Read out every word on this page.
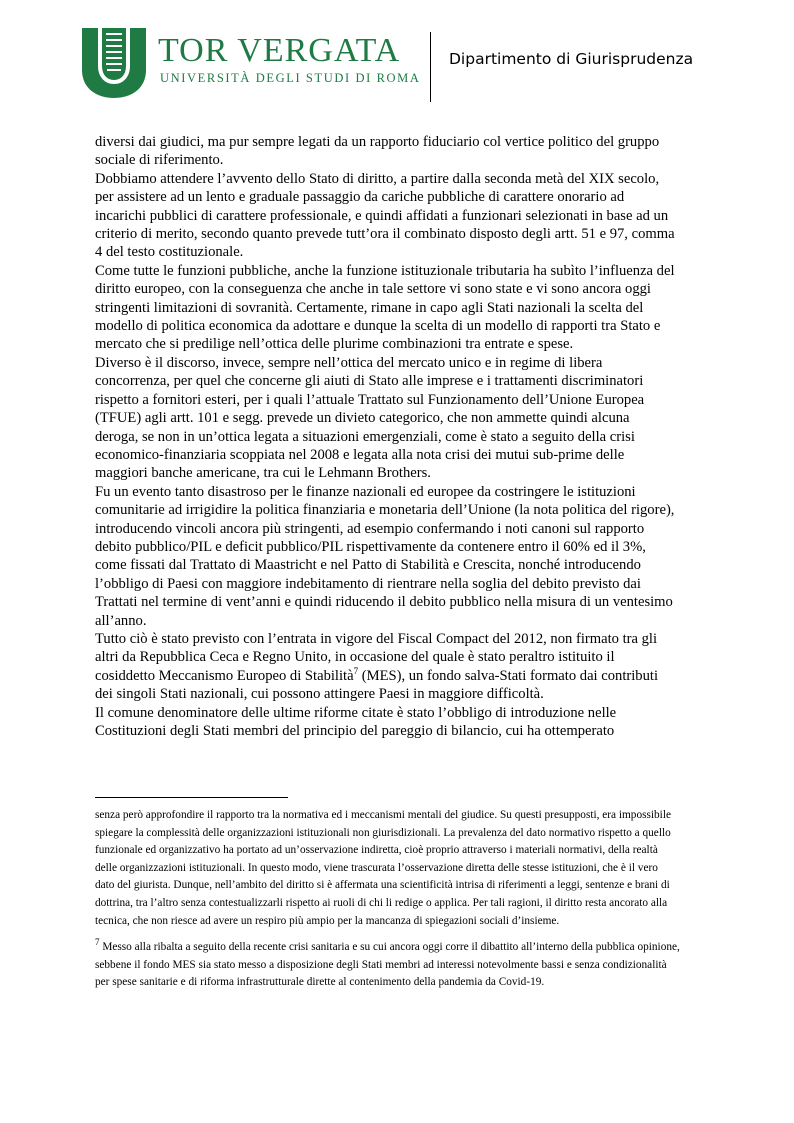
TOR VERGATA
UNIVERSITÀ DEGLI STUDI DI ROMA
Dipartimento di Giurisprudenza

diversi dai giudici, ma pur sempre legati da un rapporto fiduciario col vertice politico del gruppo sociale di riferimento.

Dobbiamo attendere l’avvento dello Stato di diritto, a partire dalla seconda metà del XIX secolo, per assistere ad un lento e graduale passaggio da cariche pubbliche di carattere onorario ad incarichi pubblici di carattere professionale, e quindi affidati a funzionari selezionati in base ad un criterio di merito, secondo quanto prevede tutt’ora il combinato disposto degli artt. 51 e 97, comma 4 del testo costituzionale.

Come tutte le funzioni pubbliche, anche la funzione istituzionale tributaria ha subìto l’influenza del diritto europeo, con la conseguenza che anche in tale settore vi sono state e vi sono ancora oggi stringenti limitazioni di sovranità. Certamente, rimane in capo agli Stati nazionali la scelta del modello di politica economica da adottare e dunque la scelta di un modello di rapporti tra Stato e mercato che si predilige nell’ottica delle plurime combinazioni tra entrate e spese.

Diverso è il discorso, invece, sempre nell’ottica del mercato unico e in regime di libera concorrenza, per quel che concerne gli aiuti di Stato alle imprese e i trattamenti discriminatori rispetto a fornitori esteri, per i quali l’attuale Trattato sul Funzionamento dell’Unione Europea (TFUE) agli artt. 101 e segg. prevede un divieto categorico, che non ammette quindi alcuna deroga, se non in un’ottica legata a situazioni emergenziali, come è stato a seguito della crisi economico-finanziaria scoppiata nel 2008 e legata alla nota crisi dei mutui sub-prime delle maggiori banche americane, tra cui le Lehmann Brothers.

Fu un evento tanto disastroso per le finanze nazionali ed europee da costringere le istituzioni comunitarie ad irrigidire la politica finanziaria e monetaria dell’Unione (la nota politica del rigore), introducendo vincoli ancora più stringenti, ad esempio confermando i noti canoni sul rapporto debito pubblico/PIL e deficit pubblico/PIL rispettivamente da contenere entro il 60% ed il 3%, come fissati dal Trattato di Maastricht e nel Patto di Stabilità e Crescita, nonché introducendo l’obbligo di Paesi con maggiore indebitamento di rientrare nella soglia del debito previsto dai Trattati nel termine di vent’anni e quindi riducendo il debito pubblico nella misura di un ventesimo all’anno.

Tutto ciò è stato previsto con l’entrata in vigore del Fiscal Compact del 2012, non firmato tra gli altri da Repubblica Ceca e Regno Unito, in occasione del quale è stato peraltro istituito il cosiddetto Meccanismo Europeo di Stabilità$^7$ (MES), un fondo salva-Stati formato dai contributi dei singoli Stati nazionali, cui possono attingere Paesi in maggiore difficoltà.

Il comune denominatore delle ultime riforme citate è stato l’obbligo di introduzione nelle Costituzioni degli Stati membri del principio del pareggio di bilancio, cui ha ottemperato

senza però approfondire il rapporto tra la normativa ed i meccanismi mentali del giudice. Su questi presupposti, era impossibile spiegare la complessità delle organizzazioni istituzionali non giurisdizionali. La prevalenza del dato normativo rispetto a quello funzionale ed organizzativo ha portato ad un’osservazione indiretta, cioè proprio attraverso i materiali normativi, della realtà delle organizzazioni istituzionali. In questo modo, viene trascurata l’osservazione diretta delle stesse istituzioni, che è il vero dato del giurista. Dunque, nell’ambito del diritto si è affermata una scientificità intrisa di riferimenti a leggi, sentenze e brani di dottrina, tra l’altro senza contestualizzarli rispetto ai ruoli di chi li redige o applica. Per tali ragioni, il diritto resta ancorato alla tecnica, che non riesce ad avere un respiro più ampio per la mancanza di spiegazioni sociali d’insieme.

$^7$ Messo alla ribalta a seguito della recente crisi sanitaria e su cui ancora oggi corre il dibattito all’interno della pubblica opinione, sebbene il fondo MES sia stato messo a disposizione degli Stati membri ad interessi notevolmente bassi e senza condizionalità per spese sanitarie e di riforma infrastrutturale dirette al contenimento della pandemia da Covid-19.
